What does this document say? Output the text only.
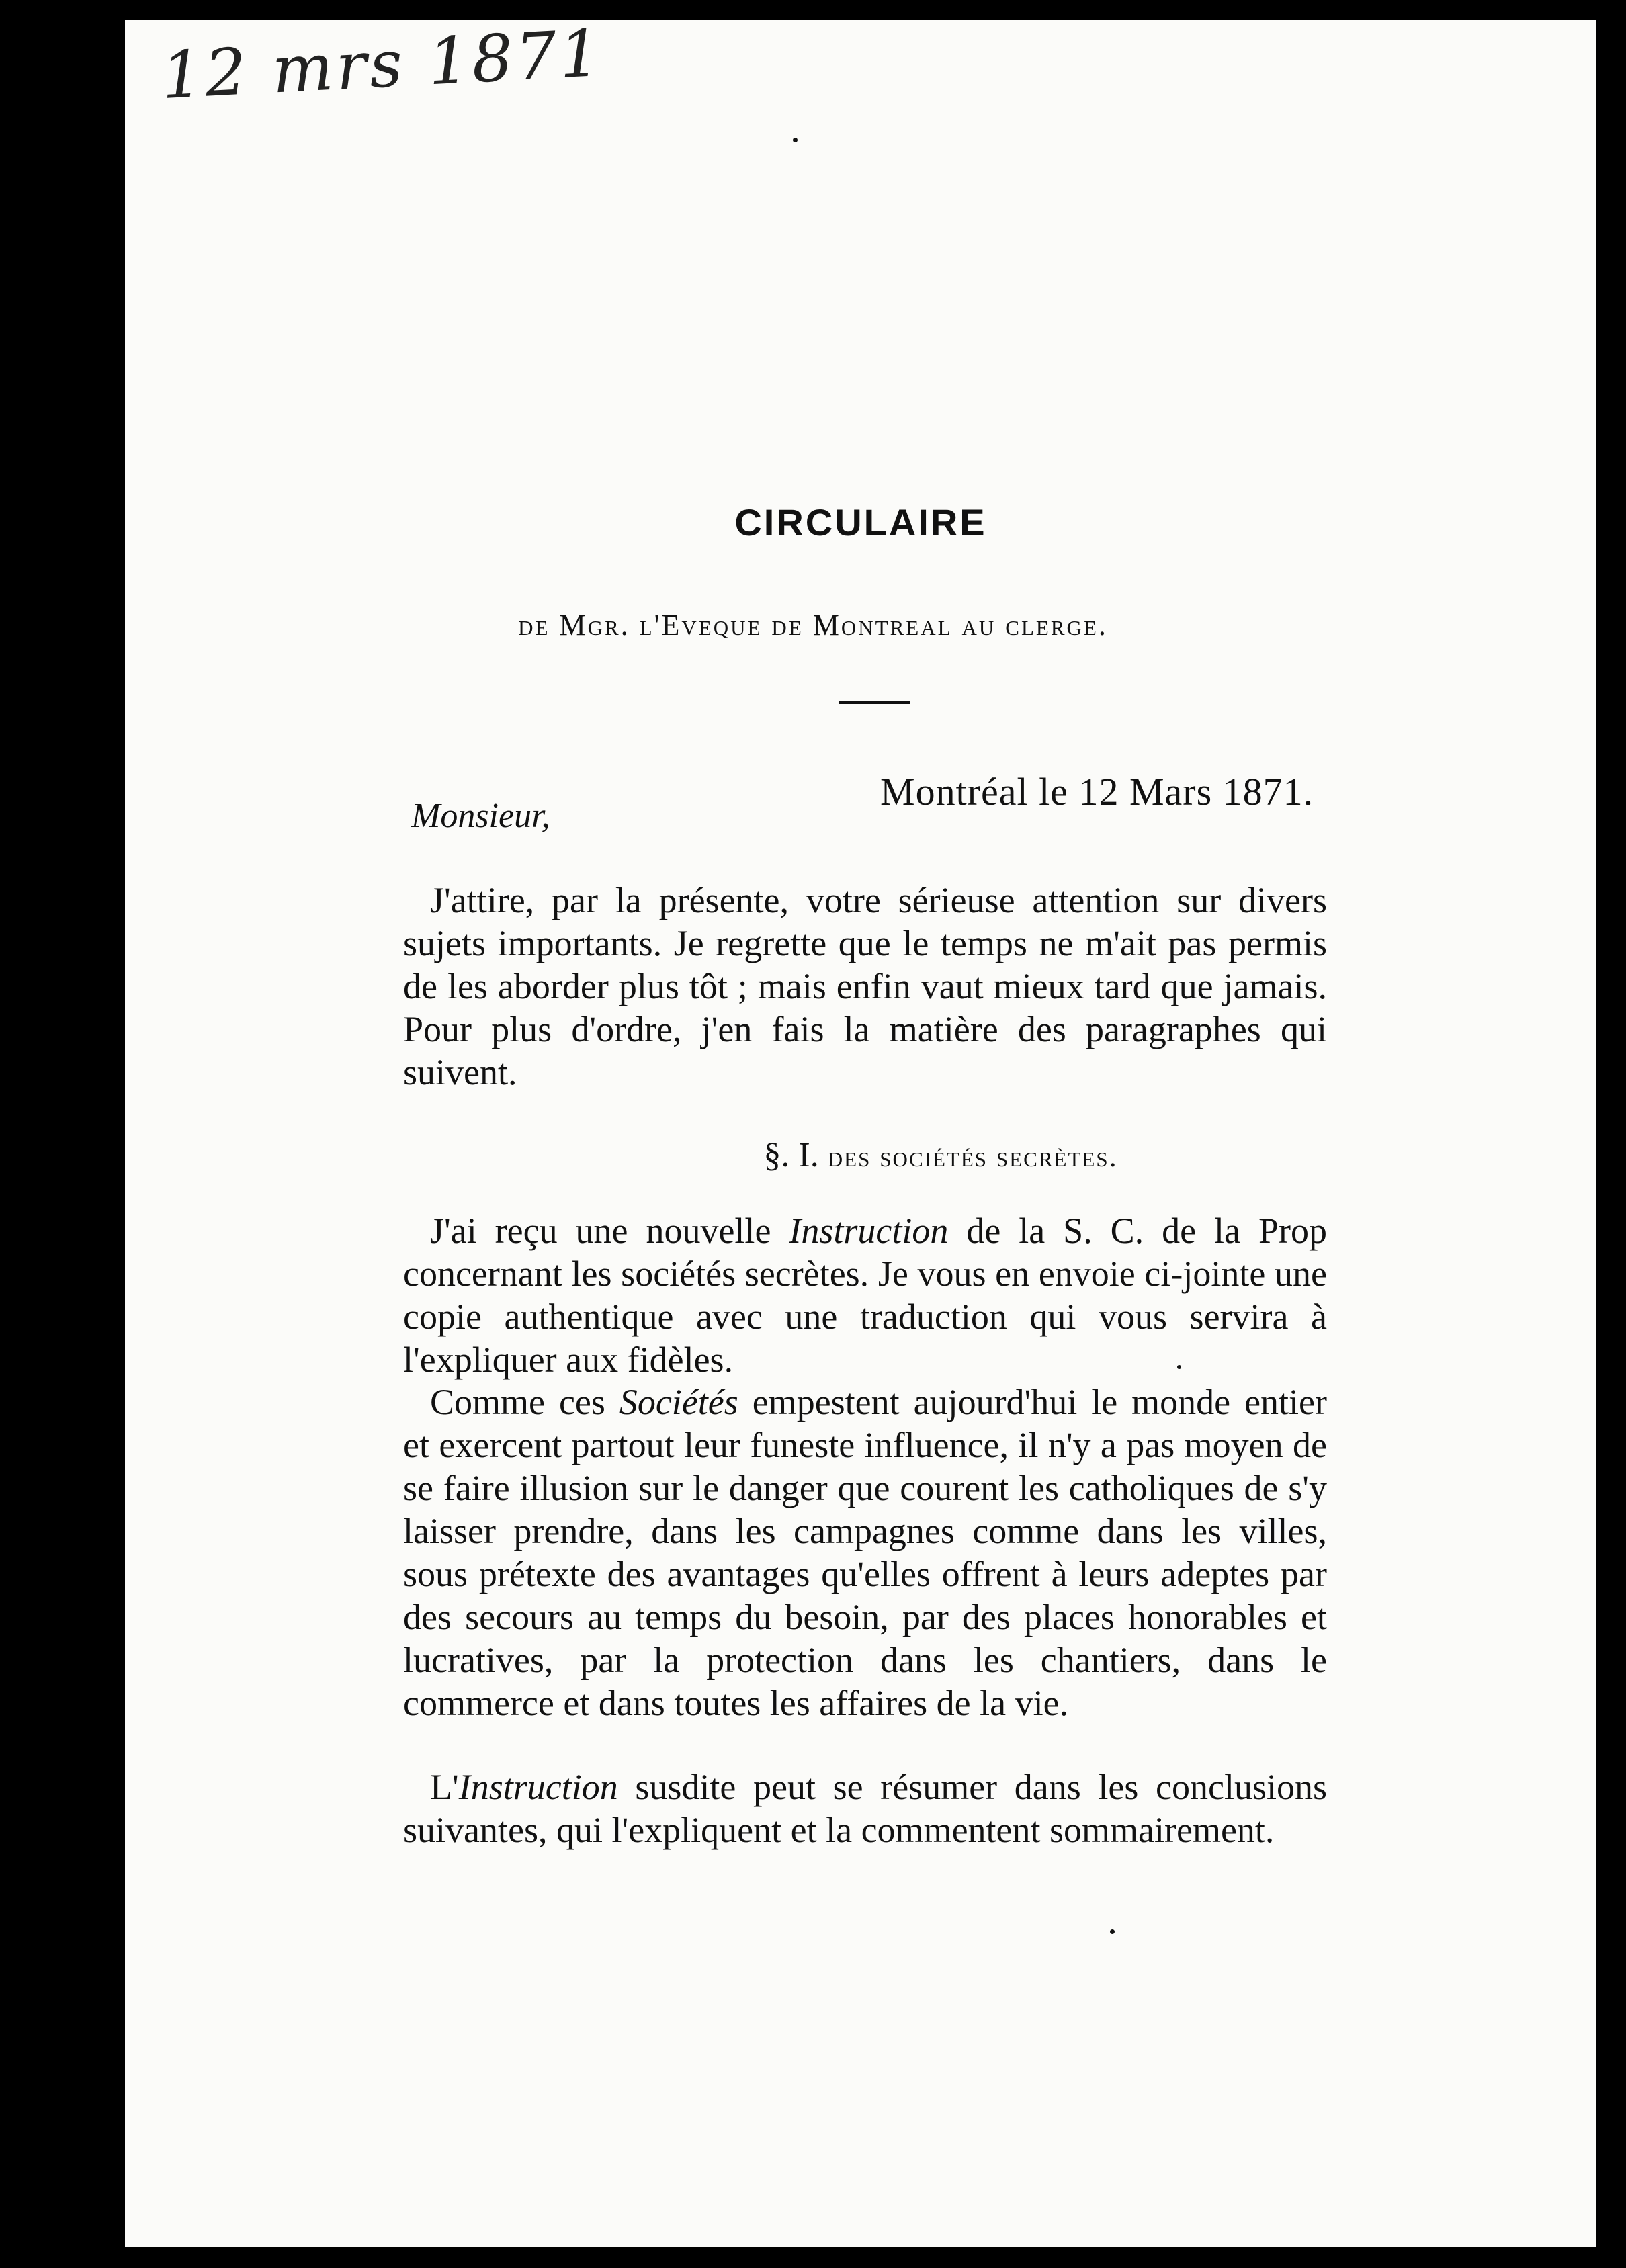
12 mrs 1871
CIRCULAIRE

de Mgr. l'Eveque de Montreal au clerge.

Montréal le 12 Mars 1871.
Monsieur,

J'attire, par la présente, votre sérieuse attention sur divers sujets importants. Je regrette que le temps ne m'ait pas permis de les aborder plus tôt ; mais enfin vaut mieux tard que jamais. Pour plus d'ordre, j'en fais la matière des paragraphes qui suivent.

§. I. des sociétés secrètes.

J'ai reçu une nouvelle Instruction de la S. C. de la Prop concernant les sociétés secrètes. Je vous en envoie ci-jointe une copie authentique avec une traduction qui vous servira à l'expliquer aux fidèles.

Comme ces Sociétés empestent aujourd'hui le monde entier et exercent partout leur funeste influence, il n'y a pas moyen de se faire illusion sur le danger que courent les catholiques de s'y laisser prendre, dans les campagnes comme dans les villes, sous prétexte des avantages qu'elles offrent à leurs adeptes par des secours au temps du besoin, par des places honorables et lucratives, par la protection dans les chantiers, dans le commerce et dans toutes les affaires de la vie.

L'Instruction susdite peut se résumer dans les conclusions suivantes, qui l'expliquent et la commentent sommairement.
